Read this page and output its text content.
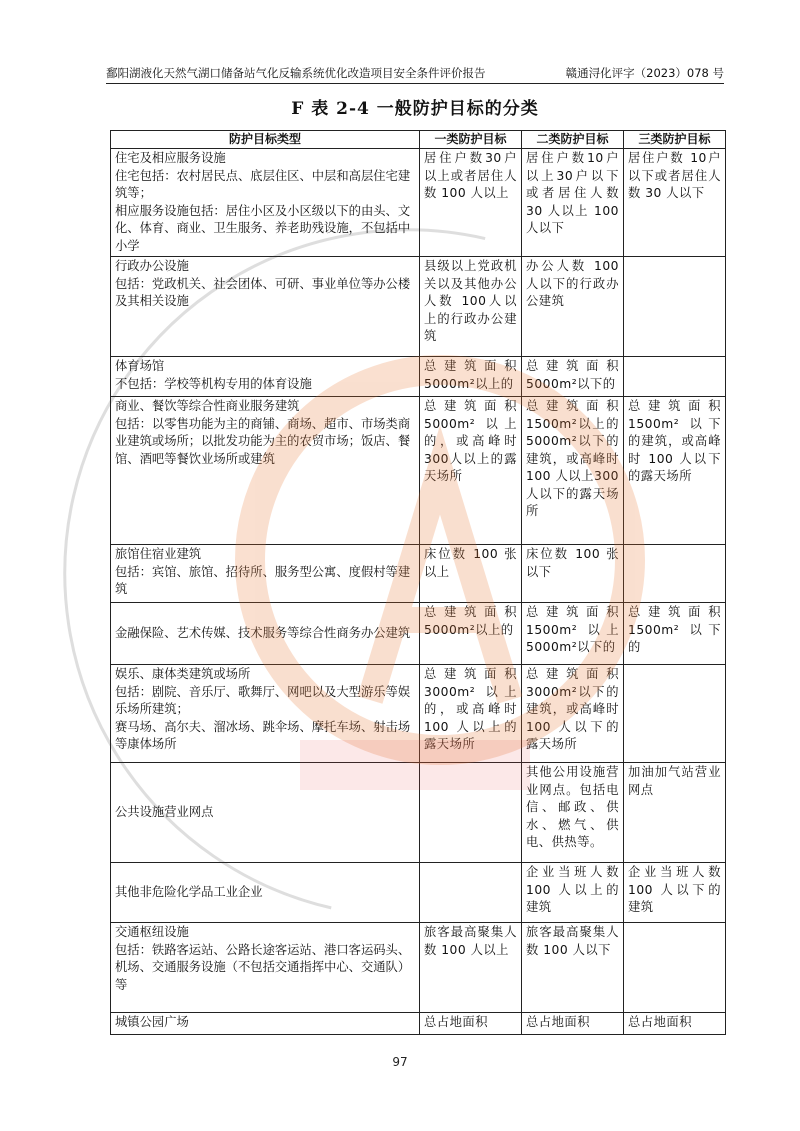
鄱阳湖液化天然气湖口储备站气化反输系统优化改造项目安全条件评价报告	赣通浔化评字（2023）078 号
F 表 2-4 一般防护目标的分类
防护目标类型	一类防护目标	二类防护目标	三类防护目标

住宅及相应服务设施
住宅包括：农村居民点、底层住区、中层和高层住宅建筑等；
相应服务设施包括：居住小区及小区级以下的由头、文化、体育、商业、卫生服务、养老助残设施，不包括中小学	居住户数30户以上或者居住人数 100 人以上	居住户数10户以上30户以下或者居住人数 30 人以上 100人以下	居住户数 10户以下或者居住人数 30 人以下

行政办公设施
包括：党政机关、社会团体、可研、事业单位等办公楼及其相关设施	县级以上党政机关以及其他办公人数 100人以上的行政办公建筑	办公人数 100人以下的行政办公建筑	

体育场馆
不包括：学校等机构专用的体育设施	总建筑面积5000m²以上的	总建筑面积5000m²以下的	

商业、餐饮等综合性商业服务建筑
包括：以零售功能为主的商铺、商场、超市、市场类商业建筑或场所；以批发功能为主的农贸市场；饭店、餐馆、酒吧等餐饮业场所或建筑	总建筑面积5000m² 以上的，或高峰时300人以上的露天场所	总建筑面积1500m²以上的5000m²以下的建筑，或高峰时 100 人以上300 人以下的露天场所	总建筑面积1500m² 以下的建筑，或高峰时 100 人以下的露天场所

旅馆住宿业建筑
包括：宾馆、旅馆、招待所、服务型公寓、度假村等建筑	床位数 100 张以上	床位数 100 张以下	

金融保险、艺术传媒、技术服务等综合性商务办公建筑	总建筑面积5000m²以上的	总建筑面积1500m² 以上5000m²以下的	总建筑面积1500m² 以下的

娱乐、康体类建筑或场所
包括：剧院、音乐厅、歌舞厅、网吧以及大型游乐等娱乐场所建筑；
赛马场、高尔夫、溜冰场、跳伞场、摩托车场、射击场等康体场所	总建筑面积3000m² 以上的，或高峰时100 人以上的露天场所	总建筑面积3000m²以下的建筑，或高峰时 100 人以下的露天场所	

公共设施营业网点		其他公用设施营业网点。包括电信、邮政、供水、燃气、供电、供热等。	加油加气站营业网点

其他非危险化学品工业企业		企业当班人数100 人以上的建筑	企业当班人数100 人以下的建筑

交通枢纽设施
包括：铁路客运站、公路长途客运站、港口客运码头、机场、交通服务设施（不包括交通指挥中心、交通队）等	旅客最高聚集人数 100 人以上	旅客最高聚集人数 100 人以下	

城镇公园广场	总占地面积	总占地面积	总占地面积
97
